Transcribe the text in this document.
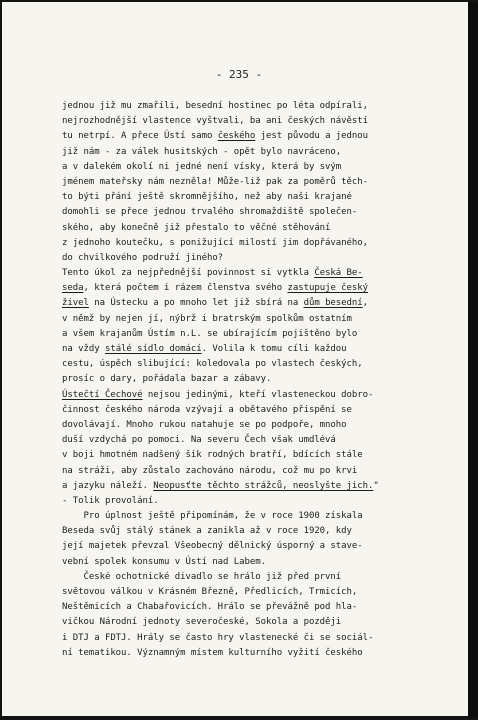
- 235 -

jednou již mu zmařili, besední hostinec po léta odpírali,
nejrozhodnější vlastence vyštvali, ba ani českých návěstí
tu netrpí. A přece Ústí samo českého jest původu a jednou
již nám - za válek husitských - opět bylo navráceno,
a v dalekém okolí ni jedné není vísky, která by svým
jménem mateřsky nám nezněla! Může-liž pak za poměrů těch-
to býti přání ještě skromnějšího, než aby naši krajané
domohli se přece jednou trvalého shromaždiště společen-
ského, aby konečně již přestalo to věčné stěhování
z jednoho koutečku, s ponižující milostí jim dopřávaného,
do chvilkového podruží jiného?
Tento úkol za nejpřednější povinnost si vytkla Česká Be-
seda, která počtem i rázem členstva svého zastupuje český
živel na Ústecku a po mnoho let již sbírá na dům besední,
v němž by nejen jí, nýbrž i bratrským spolkům ostatním
a všem krajanům Ústím n.L. se ubírajícím pojištěno bylo
na vždy stálé sídlo domácí. Volila k tomu cíli každou
cestu, úspěch slibující: koledovala po vlastech českých,
prosíc o dary, pořádala bazar a zábavy.
Ústečtí Čechové nejsou jedinými, kteří vlasteneckou dobro-
činnost českého národa vzývají a obětavého přispění se
dovolávají. Mnoho rukou natahuje se po podpoře, mnoho
duší vzdychá po pomoci. Na severu Čech však umdlévá
v boji hmotném nadšený šik rodných bratří, bdících stále
na stráži, aby zůstalo zachováno národu, což mu po krvi
a jazyku náleží. Neopusťte těchto strážců, neoslyšte jich."
- Tolik provolání.
Pro úplnost ještě připomínám, že v roce 1900 získala
Beseda svůj stálý stánek a zanikla až v roce 1920, kdy
její majetek převzal Všeobecný dělnický úsporný a stave-
vební spolek konsumu v Ústí nad Labem.
České ochotnické divadlo se hrálo již před první
světovou válkou v Krásném Březně, Předlicích, Trmicích,
Neštěmicích a Chabařovicích. Hrálo se převážně pod hla-
vičkou Národní jednoty severočeské, Sokola a později
i DTJ a FDTJ. Hrály se často hry vlastenecké či se sociál-
ní tematikou. Významným místem kulturního vyžití českého
